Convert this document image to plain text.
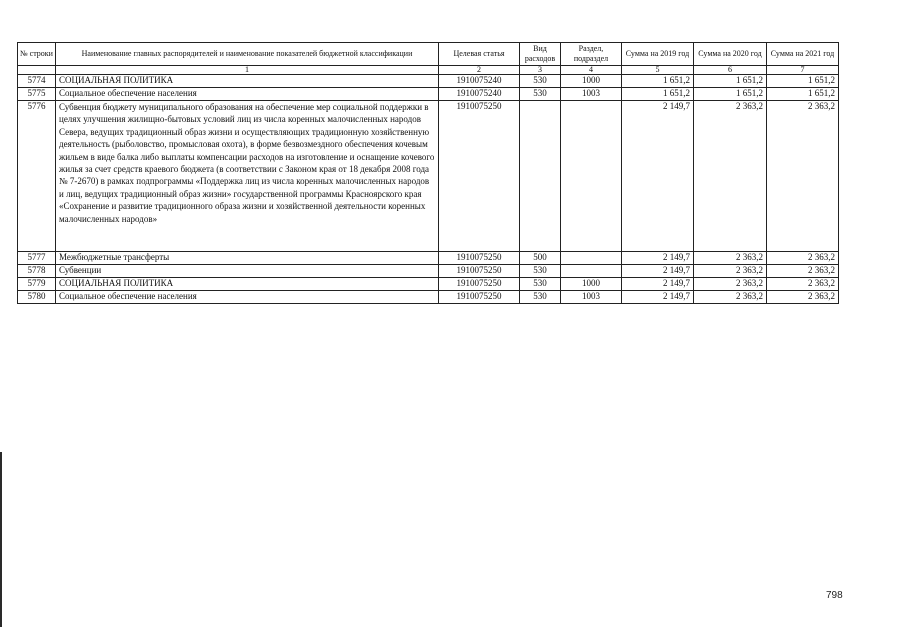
№ строки	Наименование главных распорядителей и наименование показателей бюджетной классификации	Целевая статья	Вид расходов	Раздел, подраздел	Сумма на 2019 год	Сумма на 2020 год	Сумма на 2021 год
	1	2	3	4	5	6	7
5774	СОЦИАЛЬНАЯ ПОЛИТИКА	1910075240	530	1000	1 651,2	1 651,2	1 651,2
5775	Социальное обеспечение населения	1910075240	530	1003	1 651,2	1 651,2	1 651,2
5776	Субвенция бюджету муниципального образования на обеспечение мер социальной поддержки в целях улучшения жилищно-бытовых условий лиц из числа коренных малочисленных народов Севера, ведущих традиционный образ жизни и осуществляющих традиционную хозяйственную деятельность (рыболовство, промысловая охота), в форме безвозмездного обеспечения кочевым жильем в виде балка либо выплаты компенсации расходов на изготовление и оснащение кочевого жилья за счет средств краевого бюджета (в соответствии с Законом края от 18 декабря 2008 года № 7-2670) в рамках подпрограммы «Поддержка лиц из числа коренных малочисленных народов и лиц, ведущих традиционный образ жизни» государственной программы Красноярского края «Сохранение и развитие традиционного образа жизни и хозяйственной деятельности коренных малочисленных народов»	1910075250			2 149,7	2 363,2	2 363,2
5777	Межбюджетные трансферты	1910075250	500		2 149,7	2 363,2	2 363,2
5778	Субвенции	1910075250	530		2 149,7	2 363,2	2 363,2
5779	СОЦИАЛЬНАЯ ПОЛИТИКА	1910075250	530	1000	2 149,7	2 363,2	2 363,2
5780	Социальное обеспечение населения	1910075250	530	1003	2 149,7	2 363,2	2 363,2
798
